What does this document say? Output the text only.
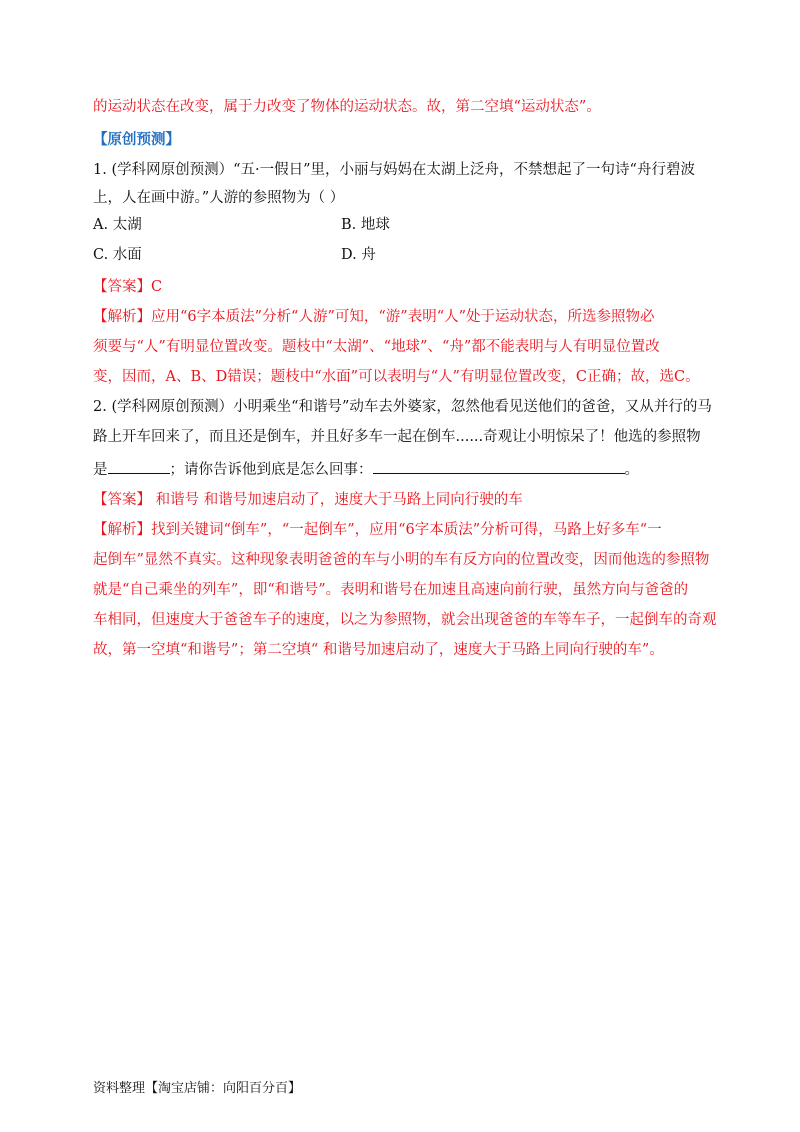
的运动状态在改变，属于力改变了物体的运动状态。故，第二空填“运动状态”。
【原创预测】
1. (学科网原创预测）“五·一假日”里，小丽与妈妈在太湖上泛舟，不禁想起了一句诗“舟行碧波
上，人在画中游。”人游的参照物为（ ）
A. 太湖	B. 地球
C. 水面	D. 舟
【答案】C
【解析】应用“6字本质法”分析“人游”可知，“游”表明“人”处于运动状态，所选参照物必
须要与“人”有明显位置改变。题枝中“太湖”、“地球”、“舟”都不能表明与人有明显位置改
变，因而，A、B、D错误；题枝中“水面”可以表明与“人”有明显位置改变，C正确；故，选C。
2. (学科网原创预测）小明乘坐“和谐号”动车去外婆家，忽然他看见送他们的爸爸，又从并行的马
路上开车回来了，而且还是倒车，并且好多车一起在倒车......奇观让小明惊呆了！他选的参照物
是	；请你告诉他到底是怎么回事：	。
【答案】 和谐号 和谐号加速启动了，速度大于马路上同向行驶的车
【解析】找到关键词“倒车”，“一起倒车”，应用“6字本质法”分析可得，马路上好多车“一
起倒车”显然不真实。这种现象表明爸爸的车与小明的车有反方向的位置改变，因而他选的参照物
就是“自己乘坐的列车”，即“和谐号”。表明和谐号在加速且高速向前行驶，虽然方向与爸爸的
车相同，但速度大于爸爸车子的速度，以之为参照物，就会出现爸爸的车等车子，一起倒车的奇观
故，第一空填“和谐号”；第二空填“ 和谐号加速启动了，速度大于马路上同向行驶的车”。
资料整理【淘宝店铺：向阳百分百】
